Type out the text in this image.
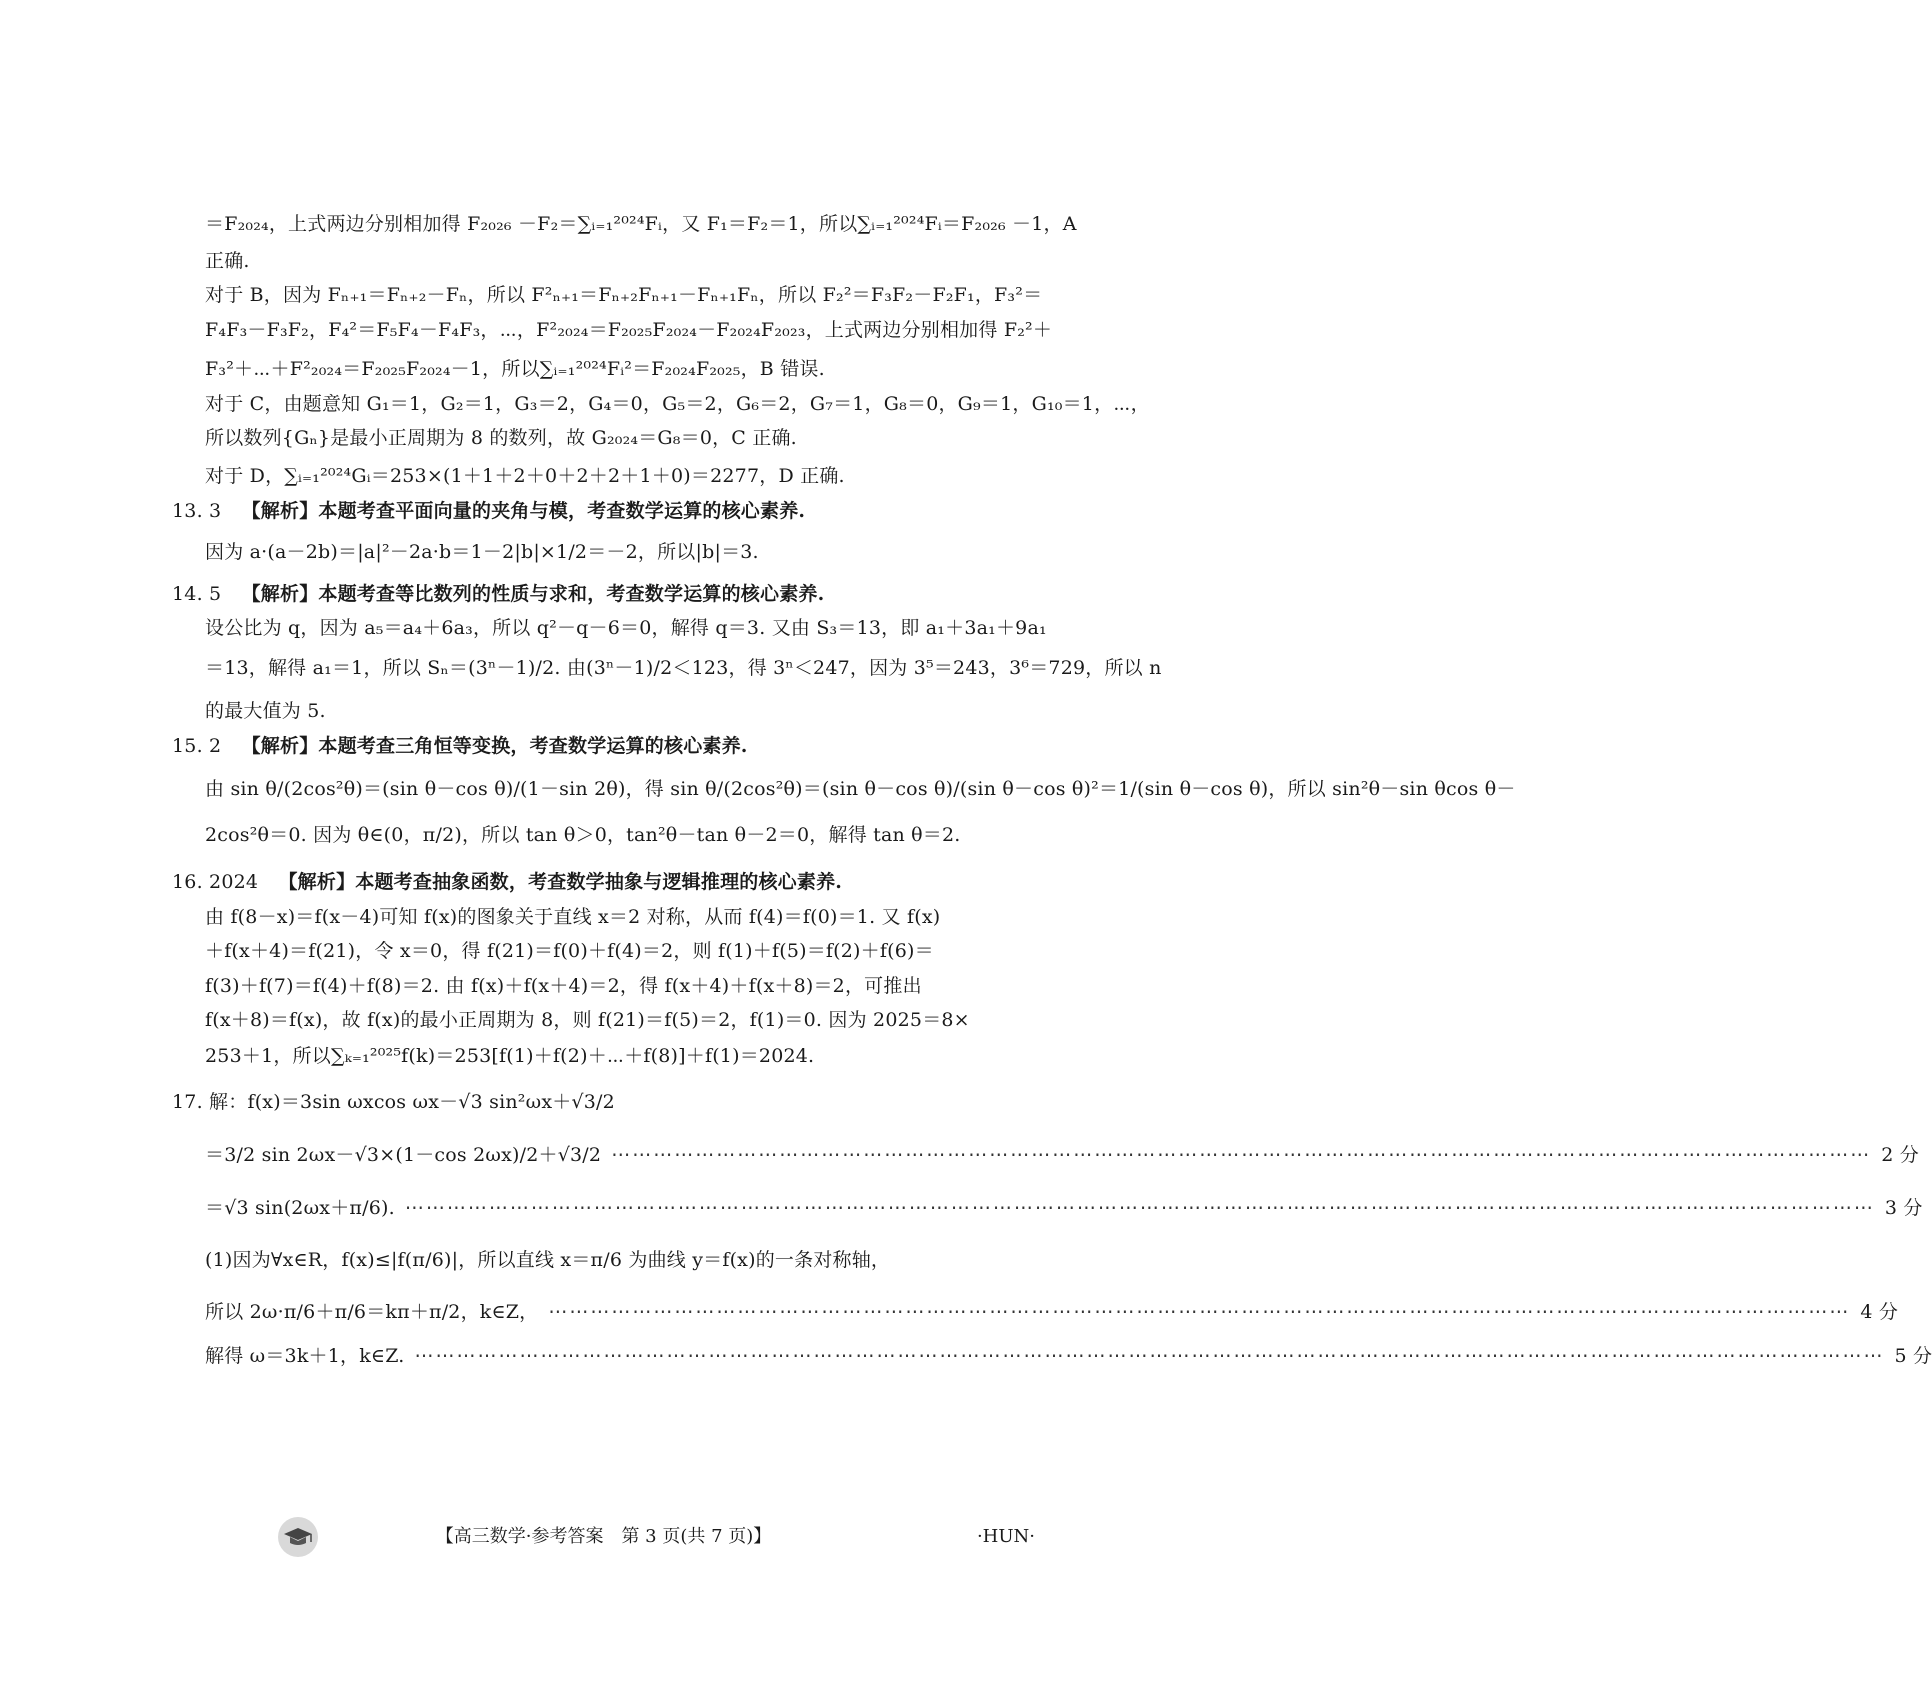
＝F₂₀₂₄，上式两边分别相加得 F₂₀₂₆ －F₂＝∑ᵢ₌₁²⁰²⁴Fᵢ，又 F₁＝F₂＝1，所以∑ᵢ₌₁²⁰²⁴Fᵢ＝F₂₀₂₆ －1，A
正确.
对于 B，因为 Fₙ₊₁＝Fₙ₊₂－Fₙ，所以 F²ₙ₊₁＝Fₙ₊₂Fₙ₊₁－Fₙ₊₁Fₙ，所以 F₂²＝F₃F₂－F₂F₁，F₃²＝
F₄F₃－F₃F₂，F₄²＝F₅F₄－F₄F₃，⋯，F²₂₀₂₄＝F₂₀₂₅F₂₀₂₄－F₂₀₂₄F₂₀₂₃，上式两边分别相加得 F₂²＋
F₃²＋⋯＋F²₂₀₂₄＝F₂₀₂₅F₂₀₂₄－1，所以∑ᵢ₌₁²⁰²⁴Fᵢ²＝F₂₀₂₄F₂₀₂₅，B 错误.
对于 C，由题意知 G₁＝1，G₂＝1，G₃＝2，G₄＝0，G₅＝2，G₆＝2，G₇＝1，G₈＝0，G₉＝1，G₁₀＝1，⋯，
所以数列{Gₙ}是最小正周期为 8 的数列，故 G₂₀₂₄＝G₈＝0，C 正确.
对于 D，∑ᵢ₌₁²⁰²⁴Gᵢ＝253×(1＋1＋2＋0＋2＋2＋1＋0)＝2277，D 正确.
13. 3 【解析】本题考查平面向量的夹角与模，考查数学运算的核心素养.
因为 a·(a－2b)＝|a|²－2a·b＝1－2|b|×1/2＝－2，所以|b|＝3.
14. 5 【解析】本题考查等比数列的性质与求和，考查数学运算的核心素养.
设公比为 q，因为 a₅＝a₄＋6a₃，所以 q²－q－6＝0，解得 q＝3. 又由 S₃＝13，即 a₁＋3a₁＋9a₁
＝13，解得 a₁＝1，所以 Sₙ＝(3ⁿ－1)/2. 由(3ⁿ－1)/2＜123，得 3ⁿ＜247，因为 3⁵＝243，3⁶＝729，所以 n
的最大值为 5.
15. 2 【解析】本题考查三角恒等变换，考查数学运算的核心素养.
由 sin θ/(2cos²θ)＝(sin θ－cos θ)/(1－sin 2θ)，得 sin θ/(2cos²θ)＝(sin θ－cos θ)/(sin θ－cos θ)²＝1/(sin θ－cos θ)，所以 sin²θ－sin θcos θ－
2cos²θ＝0. 因为 θ∈(0，π/2)，所以 tan θ＞0，tan²θ－tan θ－2＝0，解得 tan θ＝2.
16. 2024 【解析】本题考查抽象函数，考查数学抽象与逻辑推理的核心素养.
由 f(8－x)＝f(x－4)可知 f(x)的图象关于直线 x＝2 对称，从而 f(4)＝f(0)＝1. 又 f(x)
＋f(x＋4)＝f(21)，令 x＝0，得 f(21)＝f(0)＋f(4)＝2，则 f(1)＋f(5)＝f(2)＋f(6)＝
f(3)＋f(7)＝f(4)＋f(8)＝2. 由 f(x)＋f(x＋4)＝2，得 f(x＋4)＋f(x＋8)＝2，可推出
f(x＋8)＝f(x)，故 f(x)的最小正周期为 8，则 f(21)＝f(5)＝2，f(1)＝0. 因为 2025＝8×
253＋1，所以∑ₖ₌₁²⁰²⁵f(k)＝253[f(1)＋f(2)＋⋯＋f(8)]＋f(1)＝2024.
17. 解：f(x)＝3sin ωxcos ωx－√3 sin²ωx＋√3/2
＝3/2 sin 2ωx－√3×(1－cos 2ωx)/2＋√3/2 ⋯⋯⋯⋯⋯⋯⋯⋯⋯⋯⋯⋯⋯⋯⋯⋯⋯⋯⋯⋯⋯⋯⋯⋯⋯⋯⋯⋯⋯⋯⋯⋯⋯⋯⋯⋯⋯⋯⋯⋯⋯⋯⋯⋯⋯⋯⋯⋯⋯⋯⋯⋯⋯⋯⋯⋯⋯⋯⋯⋯ 2 分
＝√3 sin(2ωx＋π/6). ⋯⋯⋯⋯⋯⋯⋯⋯⋯⋯⋯⋯⋯⋯⋯⋯⋯⋯⋯⋯⋯⋯⋯⋯⋯⋯⋯⋯⋯⋯⋯⋯⋯⋯⋯⋯⋯⋯⋯⋯⋯⋯⋯⋯⋯⋯⋯⋯⋯⋯⋯⋯⋯⋯⋯⋯⋯⋯⋯⋯⋯⋯⋯⋯⋯⋯⋯⋯⋯⋯ 3 分
(1)因为∀x∈R，f(x)≤|f(π/6)|，所以直线 x＝π/6 为曲线 y＝f(x)的一条对称轴，
所以 2ω·π/6＋π/6＝kπ＋π/2，k∈Z， ⋯⋯⋯⋯⋯⋯⋯⋯⋯⋯⋯⋯⋯⋯⋯⋯⋯⋯⋯⋯⋯⋯⋯⋯⋯⋯⋯⋯⋯⋯⋯⋯⋯⋯⋯⋯⋯⋯⋯⋯⋯⋯⋯⋯⋯⋯⋯⋯⋯⋯⋯⋯⋯⋯⋯⋯⋯⋯⋯⋯⋯⋯ 4 分
解得 ω＝3k＋1，k∈Z. ⋯⋯⋯⋯⋯⋯⋯⋯⋯⋯⋯⋯⋯⋯⋯⋯⋯⋯⋯⋯⋯⋯⋯⋯⋯⋯⋯⋯⋯⋯⋯⋯⋯⋯⋯⋯⋯⋯⋯⋯⋯⋯⋯⋯⋯⋯⋯⋯⋯⋯⋯⋯⋯⋯⋯⋯⋯⋯⋯⋯⋯⋯⋯⋯⋯⋯⋯⋯⋯⋯ 5 分
【高三数学·参考答案　第 3 页(共 7 页)】	·HUN·
